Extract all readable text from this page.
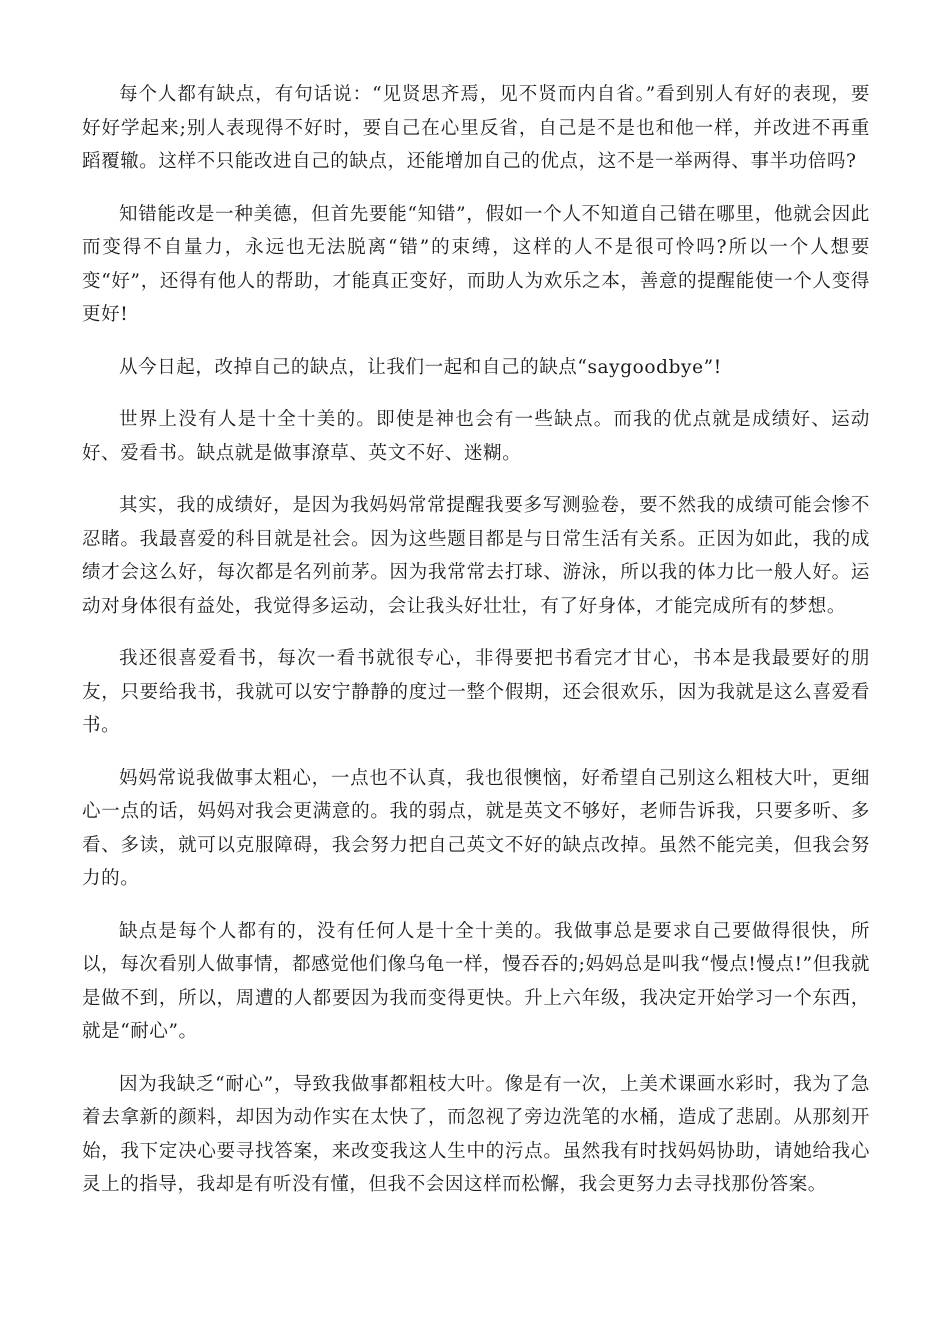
每个人都有缺点，有句话说：“见贤思齐焉，见不贤而内自省。”看到别人有好的表现，要好好学起来;别人表现得不好时，要自己在心里反省，自己是不是也和他一样，并改进不再重蹈覆辙。这样不只能改进自己的缺点，还能增加自己的优点，这不是一举两得、事半功倍吗?

知错能改是一种美德，但首先要能“知错”，假如一个人不知道自己错在哪里，他就会因此而变得不自量力，永远也无法脱离“错”的束缚，这样的人不是很可怜吗?所以一个人想要变“好”，还得有他人的帮助，才能真正变好，而助人为欢乐之本，善意的提醒能使一个人变得更好!

从今日起，改掉自己的缺点，让我们一起和自己的缺点“saygoodbye”!

世界上没有人是十全十美的。即使是神也会有一些缺点。而我的优点就是成绩好、运动好、爱看书。缺点就是做事潦草、英文不好、迷糊。

其实，我的成绩好，是因为我妈妈常常提醒我要多写测验卷，要不然我的成绩可能会惨不忍睹。我最喜爱的科目就是社会。因为这些题目都是与日常生活有关系。正因为如此，我的成绩才会这么好，每次都是名列前茅。因为我常常去打球、游泳，所以我的体力比一般人好。运动对身体很有益处，我觉得多运动，会让我头好壮壮，有了好身体，才能完成所有的梦想。

我还很喜爱看书，每次一看书就很专心，非得要把书看完才甘心，书本是我最要好的朋友，只要给我书，我就可以安宁静静的度过一整个假期，还会很欢乐，因为我就是这么喜爱看书。

妈妈常说我做事太粗心，一点也不认真，我也很懊恼，好希望自己别这么粗枝大叶，更细心一点的话，妈妈对我会更满意的。我的弱点，就是英文不够好，老师告诉我，只要多听、多看、多读，就可以克服障碍，我会努力把自己英文不好的缺点改掉。虽然不能完美，但我会努力的。

缺点是每个人都有的，没有任何人是十全十美的。我做事总是要求自己要做得很快，所以，每次看别人做事情，都感觉他们像乌龟一样，慢吞吞的;妈妈总是叫我“慢点!慢点!”但我就是做不到，所以，周遭的人都要因为我而变得更快。升上六年级，我决定开始学习一个东西，就是“耐心”。

因为我缺乏“耐心”，导致我做事都粗枝大叶。像是有一次，上美术课画水彩时，我为了急着去拿新的颜料，却因为动作实在太快了，而忽视了旁边洗笔的水桶，造成了悲剧。从那刻开始，我下定决心要寻找答案，来改变我这人生中的污点。虽然我有时找妈妈协助，请她给我心灵上的指导，我却是有听没有懂，但我不会因这样而松懈，我会更努力去寻找那份答案。
